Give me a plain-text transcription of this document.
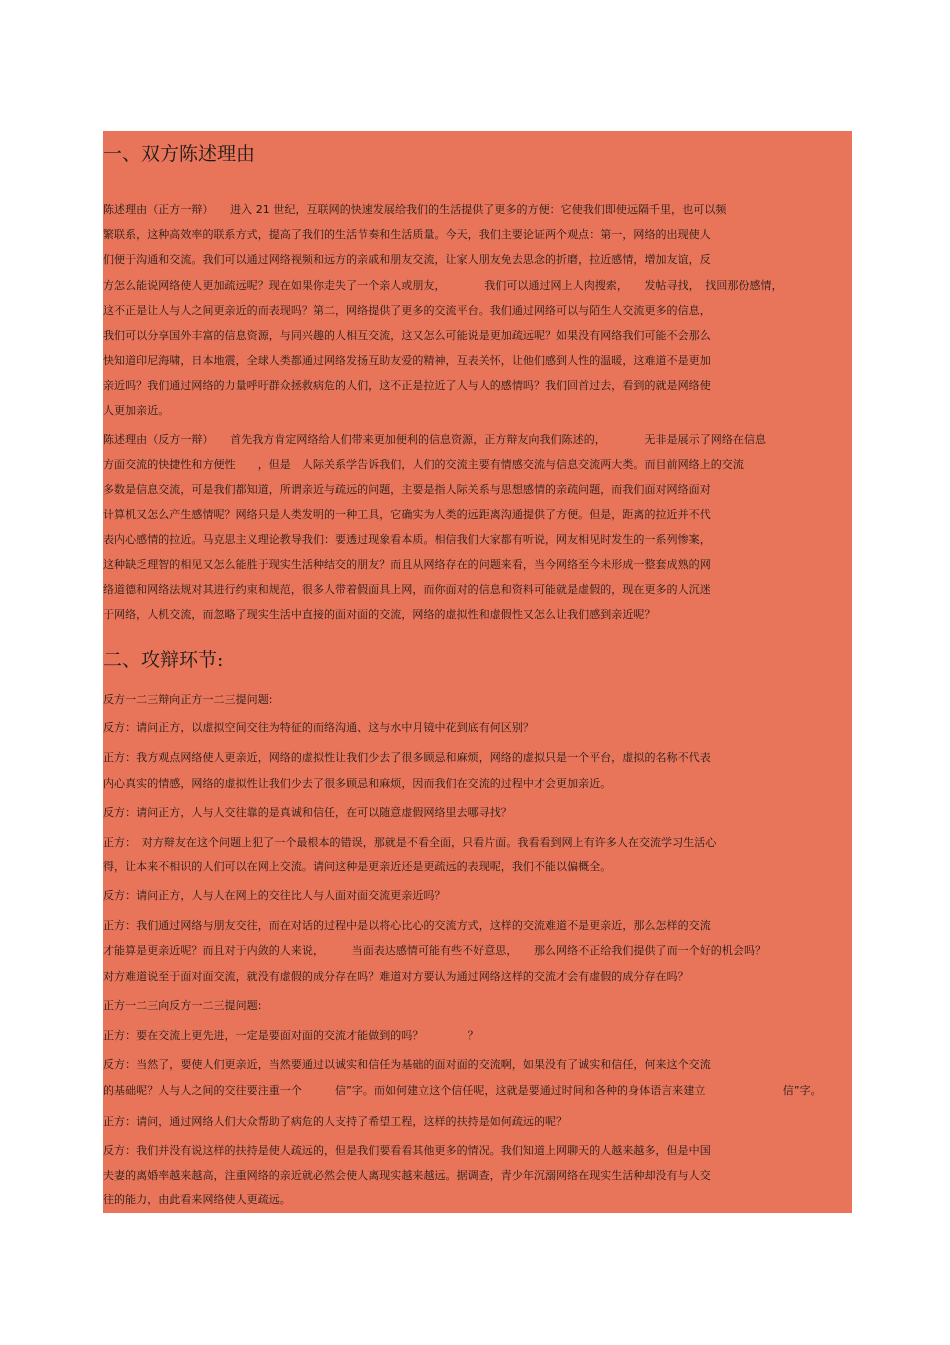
一、双方陈述理由
陈述理由（正方一辩）　　进入 21 世纪，互联网的快速发展给我们的生活提供了更多的方便：它使我们即使远隔千里，也可以频
繁联系，这种高效率的联系方式，提高了我们的生活节奏和生活质量。今天，我们主要论证两个观点：第一，网络的出现使人
们便于沟通和交流。我们可以通过网络视频和远方的亲戚和朋友交流，让家人朋友免去思念的折磨，拉近感情，增加友谊，反
方怎么能说网络使人更加疏远呢？现在如果你走失了一个亲人或朋友，　　　　我们可以通过网上人肉搜索，　　发帖寻找，　找回那份感情，
这不正是让人与人之间更亲近的而表现吗？第二，网络提供了更多的交流平台。我们通过网络可以与陌生人交流更多的信息，
我们可以分享国外丰富的信息资源，与同兴趣的人相互交流，这又怎么可能说是更加疏远呢？如果没有网络我们可能不会那么
快知道印尼海啸，日本地震，全球人类都通过网络发扬互助友爱的精神，互表关怀，让他们感到人性的温暖，这难道不是更加
亲近吗？我们通过网络的力量呼吁群众拯救病危的人们，这不正是拉近了人与人的感情吗？我们回首过去，看到的就是网络使
人更加亲近。
陈述理由（反方一辩）　　首先我方肯定网络给人们带来更加便利的信息资源，正方辩友向我们陈述的，　　　　无非是展示了网络在信息
方面交流的快捷性和方便性　　，但是　人际关系学告诉我们，人们的交流主要有情感交流与信息交流两大类。而目前网络上的交流
多数是信息交流，可是我们都知道，所谓亲近与疏远的问题，主要是指人际关系与思想感情的亲疏问题，而我们面对网络面对
计算机又怎么产生感情呢？网络只是人类发明的一种工具，它确实为人类的远距离沟通提供了方便。但是，距离的拉近并不代
表内心感情的拉近。马克思主义理论教导我们：要透过现象看本质。相信我们大家都有听说，网友相见时发生的一系列惨案，
这种缺乏理智的相见又怎么能胜于现实生活种结交的朋友？而且从网络存在的问题来看，当今网络至今未形成一整套成熟的网
络道德和网络法规对其进行约束和规范，很多人带着假面具上网，而你面对的信息和资料可能就是虚假的，现在更多的人沉迷
于网络，人机交流，而忽略了现实生活中直接的面对面的交流，网络的虚拟性和虚假性又怎么让我们感到亲近呢？
二、攻辩环节:
反方一二三辩向正方一二三提问题:
反方：请问正方，以虚拟空间交往为特征的而络沟通、这与水中月镜中花到底有何区别？
正方：我方观点网络使人更亲近，网络的虚拟性让我们少去了很多顾忌和麻烦，网络的虚拟只是一个平台，虚拟的名称不代表
内心真实的情感，网络的虚拟性让我们少去了很多顾忌和麻烦，因而我们在交流的过程中才会更加亲近。
反方：请问正方，人与人交往靠的是真诚和信任，在可以随意虚假网络里去哪寻找？
正方：　对方辩友在这个问题上犯了一个最根本的错误，那就是不看全面，只看片面。我看看到网上有许多人在交流学习生活心
得，让本来不相识的人们可以在网上交流。请问这种是更亲近还是更疏远的表现呢，我们不能以偏概全。
反方：请问正方，人与人在网上的交往比人与人面对面交流更亲近吗？
正方：我们通过网络与朋友交往，而在对话的过程中是以将心比心的交流方式，这样的交流难道不是更亲近，那么怎样的交流
才能算是更亲近呢？而且对于内敛的人来说，　　　当面表达感情可能有些不好意思，　　那么网络不正给我们提供了而一个好的机会吗？
对方难道说至于面对面交流，就没有虚假的成分存在吗？难道对方要认为通过网络这样的交流才会有虚假的成分存在吗？
正方一二三向反方一二三提问题:
正方：要在交流上更先进，一定是要面对面的交流才能做到的吗？　　　　？
反方：当然了，要使人们更亲近，当然要通过以诚实和信任为基础的面对面的交流啊，如果没有了诚实和信任，何来这个交流
的基础呢？人与人之间的交往要注重一个　　　信”字。而如何建立这个信任呢，这就是要通过时间和各种的身体语言来建立　　　　　　　信”字。
正方：请问，通过网络人们大众帮助了病危的人支持了希望工程，这样的扶持是如何疏远的呢？
反方：我们并没有说这样的扶持是使人疏远的，但是我们要看看其他更多的情况。我们知道上网聊天的人越来越多，但是中国
夫妻的离婚率越来越高，注重网络的亲近就必然会使人离现实越来越远。据调查，青少年沉溺网络在现实生活种却没有与人交
往的能力，由此看来网络使人更疏远。
